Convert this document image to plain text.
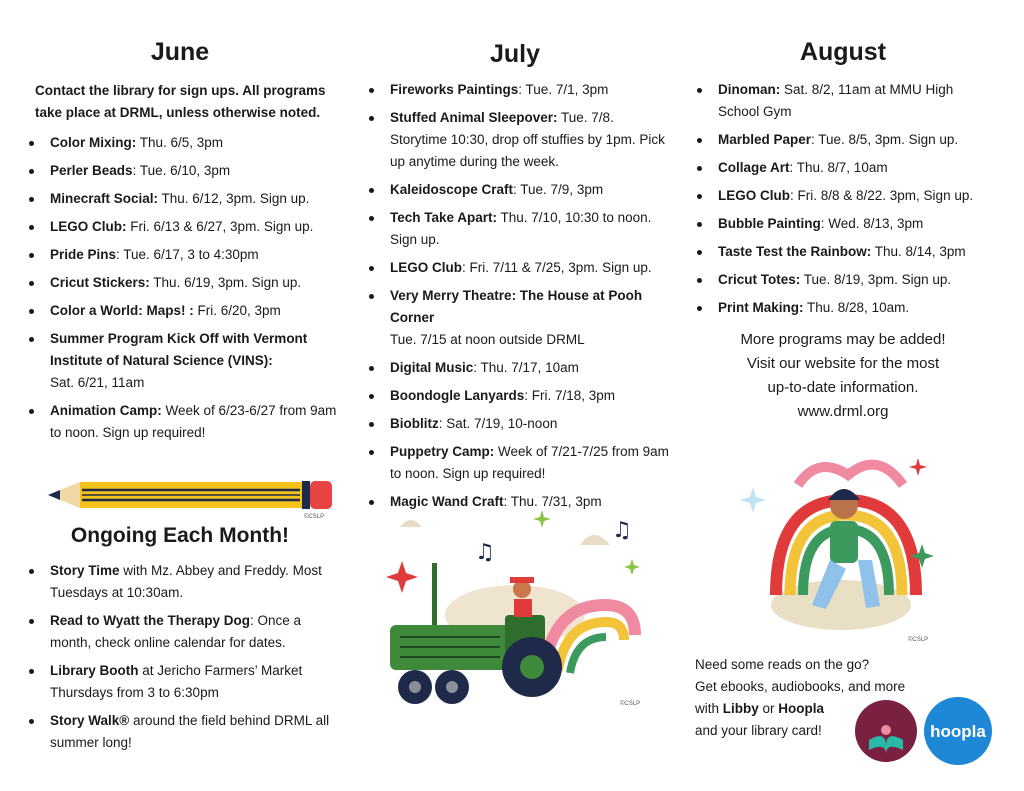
June
Contact the library for sign ups. All programs take place at DRML, unless otherwise noted.
Color Mixing: Thu. 6/5, 3pm
Perler Beads: Tue. 6/10, 3pm
Minecraft Social: Thu. 6/12, 3pm. Sign up.
LEGO Club: Fri. 6/13 & 6/27, 3pm. Sign up.
Pride Pins: Tue. 6/17, 3 to 4:30pm
Cricut Stickers: Thu. 6/19, 3pm. Sign up.
Color a World: Maps! : Fri. 6/20, 3pm
Summer Program Kick Off with Vermont Institute of Natural Science (VINS):
Sat. 6/21, 11am
Animation Camp: Week of 6/23-6/27 from 9am to noon. Sign up required!
©CSLP
Ongoing Each Month!
Story Time with Mz. Abbey and Freddy. Most Tuesdays at 10:30am.
Read to Wyatt the Therapy Dog: Once a month, check online calendar for dates.
Library Booth at Jericho Farmers’ Market Thursdays from 3 to 6:30pm
Story Walk® around the field behind DRML all summer long!
July
Fireworks Paintings: Tue. 7/1, 3pm
Stuffed Animal Sleepover: Tue. 7/8. Storytime 10:30, drop off stuffies by 1pm. Pick up anytime during the week.
Kaleidoscope Craft: Tue. 7/9, 3pm
Tech Take Apart: Thu. 7/10, 10:30 to noon. Sign up.
LEGO Club: Fri. 7/11 & 7/25, 3pm. Sign up.
Very Merry Theatre: The House at Pooh Corner
Tue. 7/15 at noon outside DRML
Digital Music: Thu. 7/17, 10am
Boondogle Lanyards: Fri. 7/18, 3pm
Bioblitz: Sat. 7/19, 10-noon
Puppetry Camp: Week of 7/21-7/25 from 9am to noon. Sign up required!
Magic Wand Craft: Thu. 7/31, 3pm
♫
♫
©CSLP
August
Dinoman: Sat. 8/2, 11am at MMU High School Gym
Marbled Paper: Tue. 8/5, 3pm. Sign up.
Collage Art: Thu. 8/7, 10am
LEGO Club: Fri. 8/8 & 8/22. 3pm, Sign up.
Bubble Painting: Wed. 8/13, 3pm
Taste Test the Rainbow: Thu. 8/14, 3pm
Cricut Totes: Tue. 8/19, 3pm. Sign up.
Print Making: Thu. 8/28, 10am.
More programs may be added!
Visit our website for the most
up-to-date information.
www.drml.org
©CSLP
Need some reads on the go?
Get ebooks, audiobooks, and more
with Libby or Hoopla
and your library card!	hoopla
